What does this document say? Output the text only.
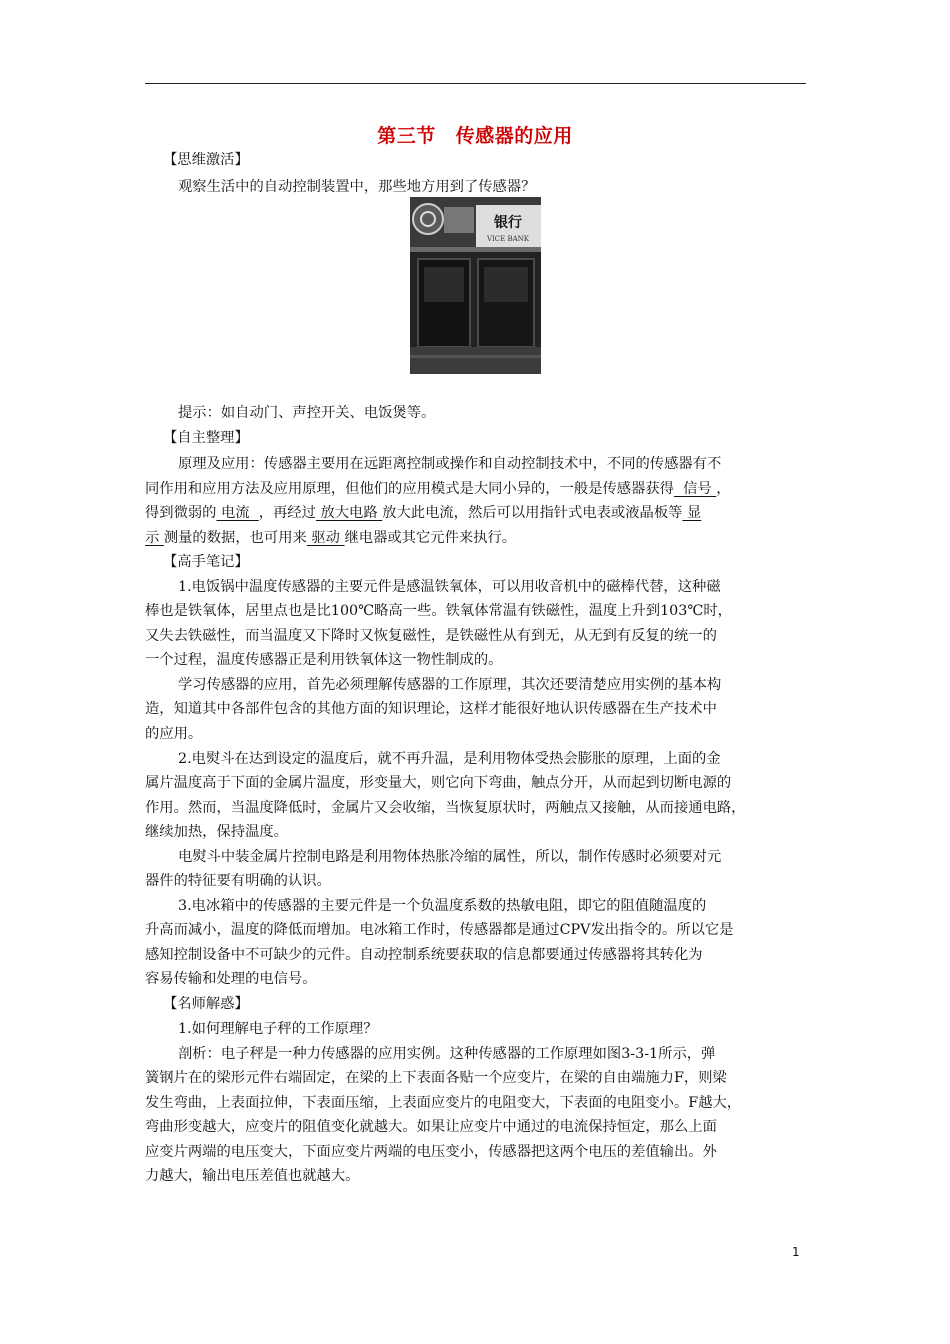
第三节 传感器的应用
【思维激活】
观察生活中的自动控制装置中，那些地方用到了传感器？
银行
VICE BANK
提示：如自动门、声控开关、电饭煲等。
【自主整理】
原理及应用：传感器主要用在远距离控制或操作和自动控制技术中，不同的传感器有不
同作用和应用方法及应用原理，但他们的应用模式是大同小异的，一般是传感器获得 信号 ，
得到微弱的 电流 ，再经过 放大电路 放大此电流，然后可以用指针式电表或液晶板等 显
示 测量的数据，也可用来 驱动 继电器或其它元件来执行。
【高手笔记】
1.电饭锅中温度传感器的主要元件是感温铁氧体，可以用收音机中的磁棒代替，这种磁
棒也是铁氧体，居里点也是比100℃略高一些。铁氧体常温有铁磁性，温度上升到103℃时，
又失去铁磁性，而当温度又下降时又恢复磁性，是铁磁性从有到无，从无到有反复的统一的
一个过程，温度传感器正是利用铁氧体这一物性制成的。
学习传感器的应用，首先必须理解传感器的工作原理，其次还要清楚应用实例的基本构
造，知道其中各部件包含的其他方面的知识理论，这样才能很好地认识传感器在生产技术中
的应用。
2.电熨斗在达到设定的温度后，就不再升温，是利用物体受热会膨胀的原理，上面的金
属片温度高于下面的金属片温度，形变量大，则它向下弯曲，触点分开，从而起到切断电源的
作用。然而，当温度降低时，金属片又会收缩，当恢复原状时，两触点又接触，从而接通电路，
继续加热，保持温度。
电熨斗中装金属片控制电路是利用物体热胀冷缩的属性，所以，制作传感时必须要对元
器件的特征要有明确的认识。
3.电冰箱中的传感器的主要元件是一个负温度系数的热敏电阻，即它的阻值随温度的
升高而减小，温度的降低而增加。电冰箱工作时，传感器都是通过CPV发出指令的。所以它是
感知控制设备中不可缺少的元件。自动控制系统要获取的信息都要通过传感器将其转化为
容易传输和处理的电信号。
【名师解惑】
1.如何理解电子秤的工作原理？
剖析：电子秤是一种力传感器的应用实例。这种传感器的工作原理如图3-3-1所示，弹
簧钢片在的梁形元件右端固定，在梁的上下表面各贴一个应变片，在梁的自由端施力F，则梁
发生弯曲，上表面拉伸，下表面压缩，上表面应变片的电阻变大，下表面的电阻变小。F越大，
弯曲形变越大，应变片的阻值变化就越大。如果让应变片中通过的电流保持恒定，那么上面
应变片两端的电压变大，下面应变片两端的电压变小，传感器把这两个电压的差值输出。外
力越大，输出电压差值也就越大。
1
